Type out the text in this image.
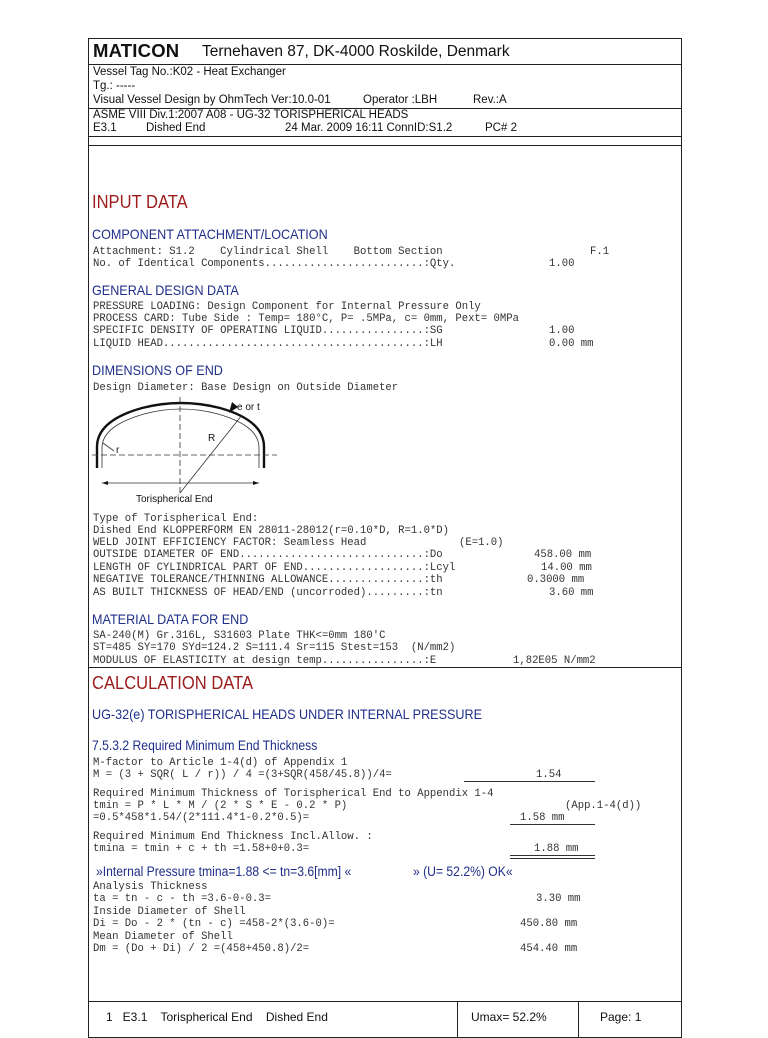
MATICON Ternehaven 87, DK-4000 Roskilde, Denmark
Vessel Tag No.:K02 - Heat Exchanger
Tg.: -----
Visual Vessel Design by OhmTech Ver:10.0-01	Operator :LBH	Rev.:A
ASME VIII Div.1:2007 A08 - UG-32 TORISPHERICAL HEADS
E3.1	Dished End	24 Mar. 2009 16:11 ConnID:S1.2	PC# 2
INPUT DATA
COMPONENT ATTACHMENT/LOCATION
Attachment: S1.2    Cylindrical Shell    Bottom Section	F.1
No. of Identical Components.........................:Qty.	1.00
GENERAL DESIGN DATA
PRESSURE LOADING: Design Component for Internal Pressure Only
PROCESS CARD: Tube Side : Temp= 180°C, P= .5MPa, c= 0mm, Pext= 0MPa
SPECIFIC DENSITY OF OPERATING LIQUID................:SG	1.00
LIQUID HEAD.........................................:LH	0.00 mm
DIMENSIONS OF END
Design Diameter: Base Design on Outside Diameter
e or t
R
r
Torispherical End
Type of Torispherical End:
Dished End KLOPPERFORM EN 28011-28012(r=0.10*D, R=1.0*D)
WELD JOINT EFFICIENCY FACTOR: Seamless Head	(E=1.0)
OUTSIDE DIAMETER OF END.............................:Do	458.00 mm
LENGTH OF CYLINDRICAL PART OF END...................:Lcyl	14.00 mm
NEGATIVE TOLERANCE/THINNING ALLOWANCE...............:th	0.3000 mm
AS BUILT THICKNESS OF HEAD/END (uncorroded).........:tn	3.60 mm
MATERIAL DATA FOR END
SA-240(M) Gr.316L, S31603 Plate THK<=0mm 180'C
ST=485 SY=170 SYd=124.2 S=111.4 Sr=115 Stest=153  (N/mm2)
MODULUS OF ELASTICITY at design temp................:E	1,82E05 N/mm2
CALCULATION DATA
UG-32(e) TORISPHERICAL HEADS UNDER INTERNAL PRESSURE
7.5.3.2 Required Minimum End Thickness
M-factor to Article 1-4(d) of Appendix 1
M = (3 + SQR( L / r)) / 4 =(3+SQR(458/45.8))/4=	1.54
Required Minimum Thickness of Torispherical End to Appendix 1-4
tmin = P * L * M / (2 * S * E - 0.2 * P)	(App.1-4(d))
=0.5*458*1.54/(2*111.4*1-0.2*0.5)=	1.58 mm
Required Minimum End Thickness Incl.Allow. :
tmina = tmin + c + th =1.58+0+0.3=	1.88 mm
»Internal Pressure tmina=1.88 <= tn=3.6[mm] «	» (U= 52.2%) OK«
Analysis Thickness
ta = tn - c - th =3.6-0-0.3=	3.30 mm
Inside Diameter of Shell
Di = Do - 2 * (tn - c) =458-2*(3.6-0)=	450.80 mm
Mean Diameter of Shell
Dm = (Do + Di) / 2 =(458+450.8)/2=	454.40 mm
1   E3.1    Torispherical End    Dished End	Umax= 52.2%	Page: 1
